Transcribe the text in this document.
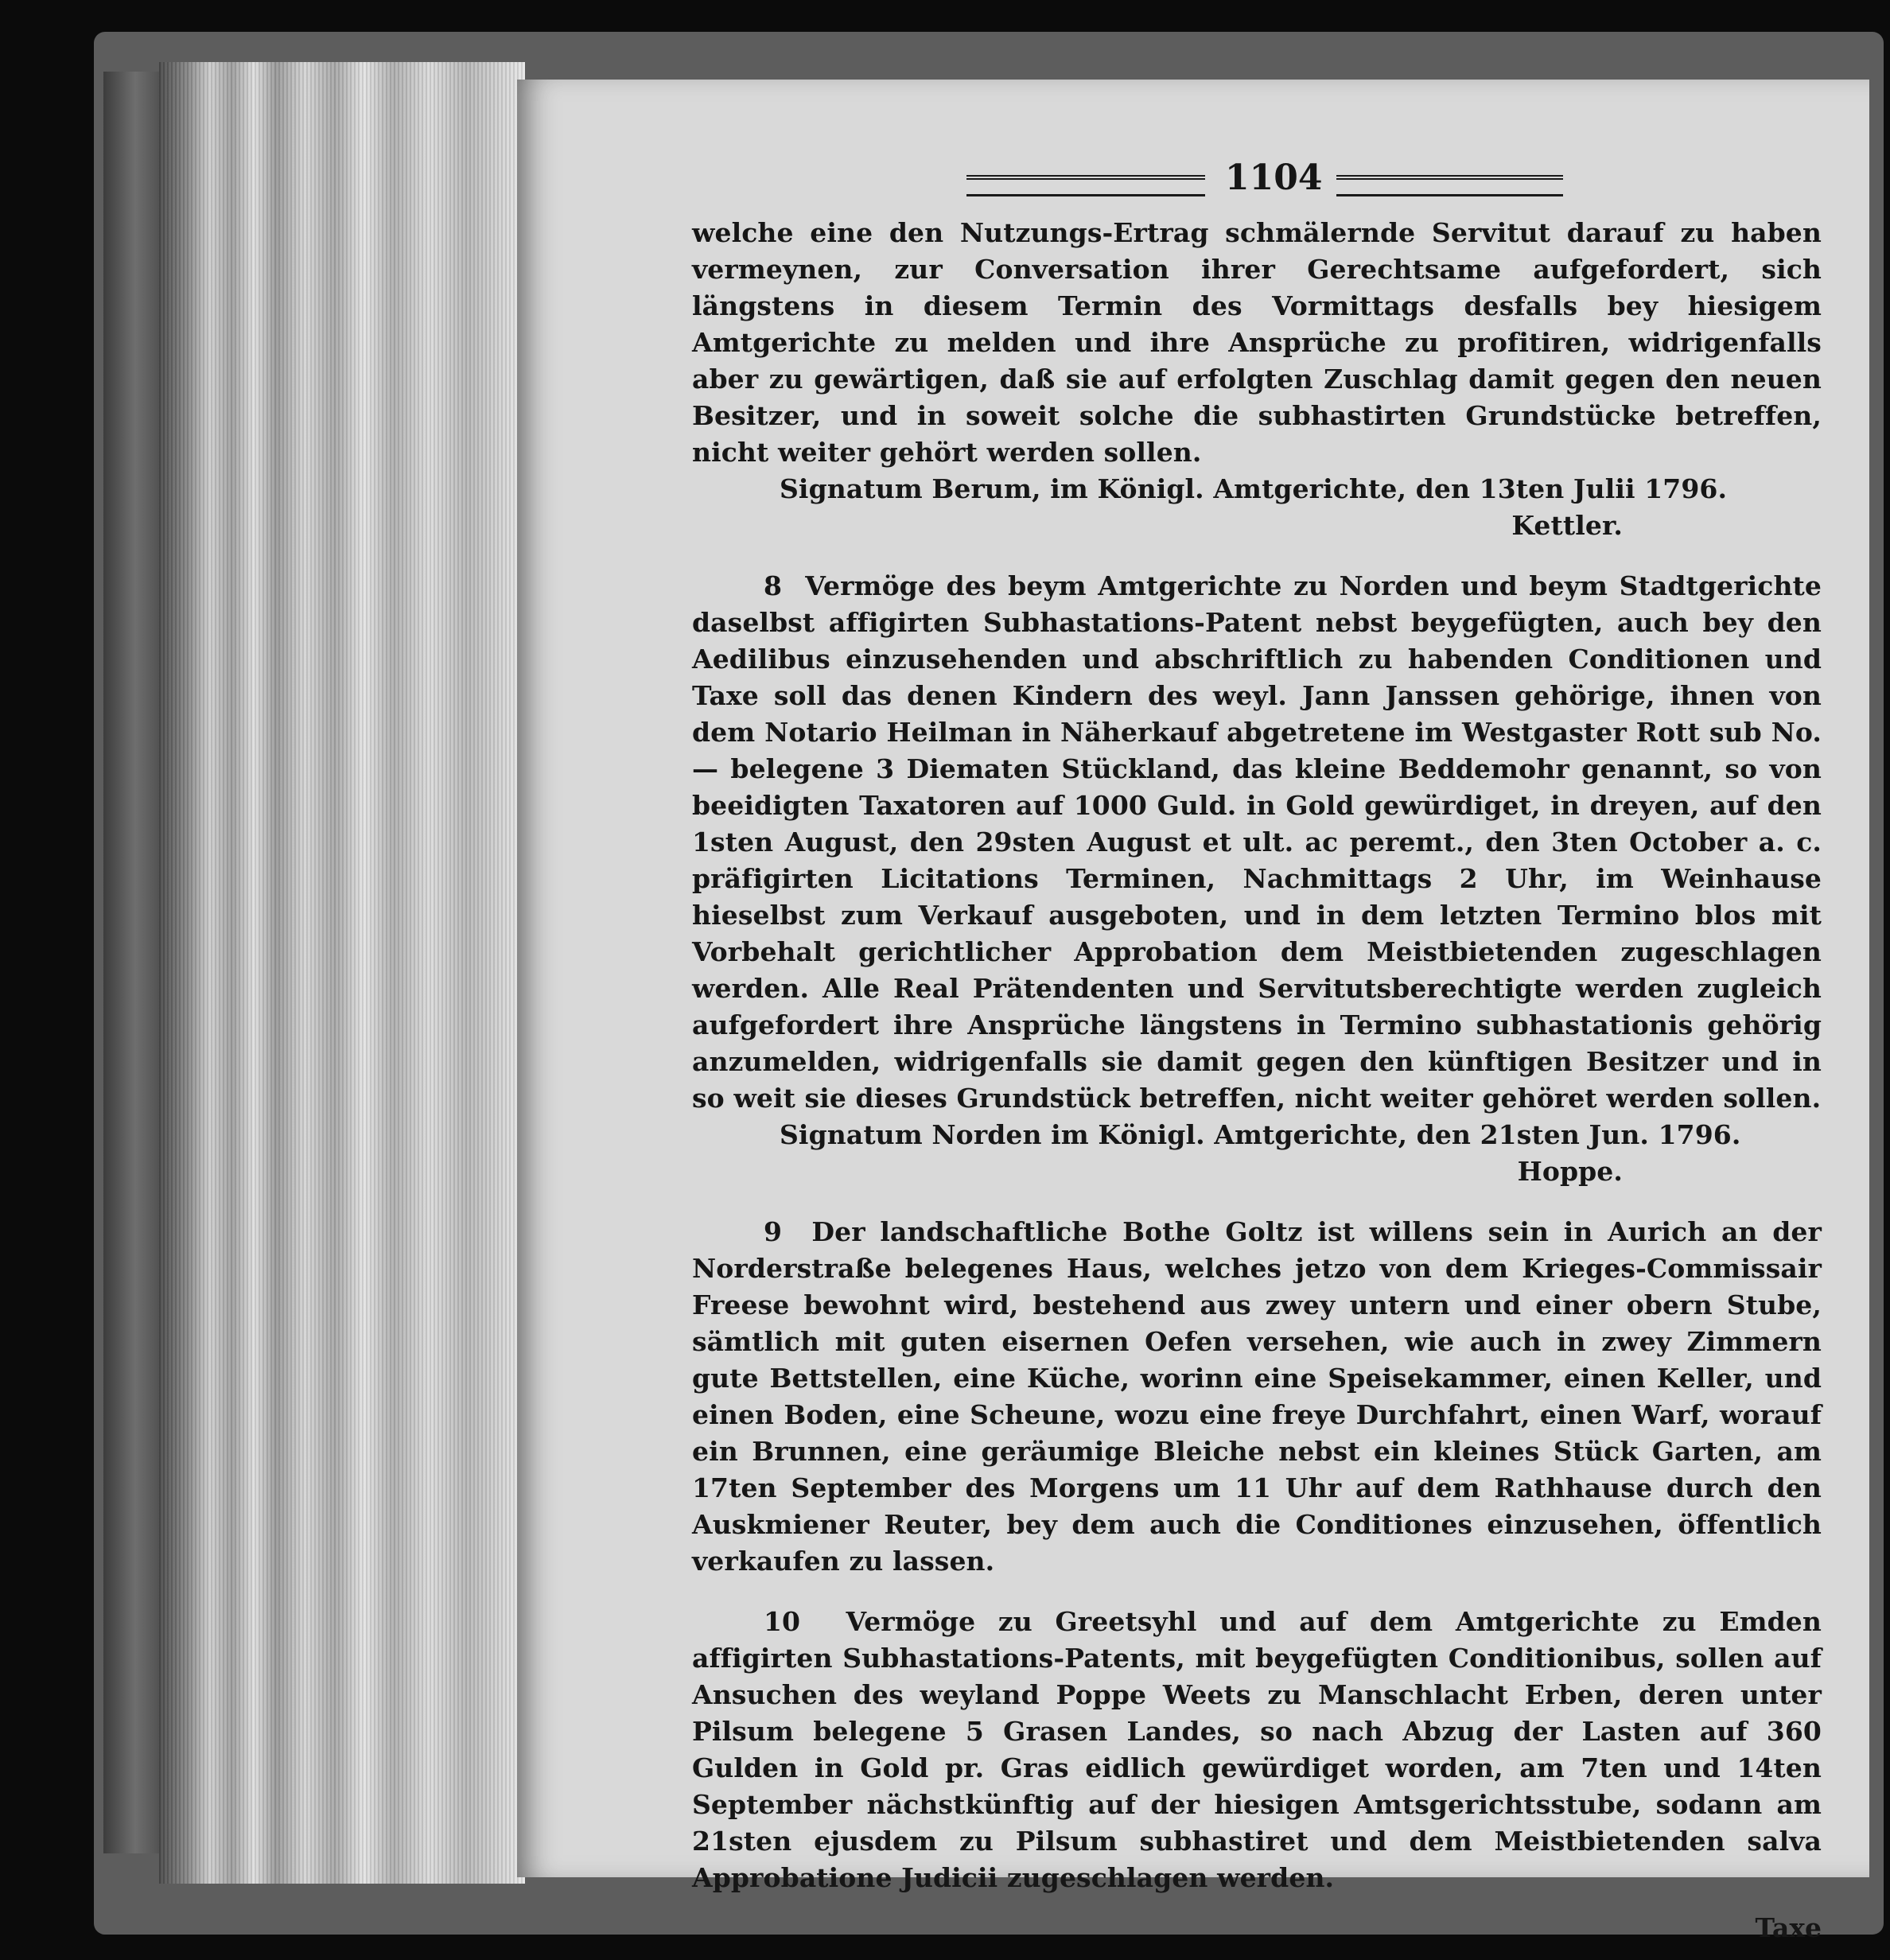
1104

welche eine den Nutzungs-Ertrag schmälernde Servitut darauf zu haben vermeynen, zur Conversation ihrer Gerechtsame aufgefordert, sich längstens in diesem Termin des Vormittags desfalls bey hiesigem Amtgerichte zu melden und ihre Ansprüche zu profitiren, widrigenfalls aber zu gewärtigen, daß sie auf erfolgten Zuschlag damit gegen den neuen Besitzer, und in soweit solche die subhastirten Grundstücke betreffen, nicht weiter gehört werden sollen.

Signatum Berum, im Königl. Amtgerichte, den 13ten Julii 1796.

Kettler.

8 Vermöge des beym Amtgerichte zu Norden und beym Stadtgerichte daselbst affigirten Subhastations-Patent nebst beygefügten, auch bey den Aedilibus einzusehenden und abschriftlich zu habenden Conditionen und Taxe soll das denen Kindern des weyl. Jann Janssen gehörige, ihnen von dem Notario Heilman in Näherkauf abgetretene im Westgaster Rott sub No. — belegene 3 Diematen Stückland, das kleine Beddemohr genannt, so von beeidigten Taxatoren auf 1000 Guld. in Gold gewürdiget, in dreyen, auf den 1sten August, den 29sten August et ult. ac peremt., den 3ten October a. c. präfigirten Licitations Terminen, Nachmittags 2 Uhr, im Weinhause hieselbst zum Verkauf ausgeboten, und in dem letzten Termino blos mit Vorbehalt gerichtlicher Approbation dem Meistbietenden zugeschlagen werden. Alle Real Prätendenten und Servitutsberechtigte werden zugleich aufgefordert ihre Ansprüche längstens in Termino subhastationis gehörig anzumelden, widrigenfalls sie damit gegen den künftigen Besitzer und in so weit sie dieses Grundstück betreffen, nicht weiter gehöret werden sollen.

Signatum Norden im Königl. Amtgerichte, den 21sten Jun. 1796.

Hoppe.

9 Der landschaftliche Bothe Goltz ist willens sein in Aurich an der Norderstraße belegenes Haus, welches jetzo von dem Krieges-Commissair Freese bewohnt wird, bestehend aus zwey untern und einer obern Stube, sämtlich mit guten eisernen Oefen versehen, wie auch in zwey Zimmern gute Bettstellen, eine Küche, worinn eine Speisekammer, einen Keller, und einen Boden, eine Scheune, wozu eine freye Durchfahrt, einen Warf, worauf ein Brunnen, eine geräumige Bleiche nebst ein kleines Stück Garten, am 17ten September des Morgens um 11 Uhr auf dem Rathhause durch den Auskmiener Reuter, bey dem auch die Conditiones einzusehen, öffentlich verkaufen zu lassen.

10 Vermöge zu Greetsyhl und auf dem Amtgerichte zu Emden affigirten Subhastations-Patents, mit beygefügten Conditionibus, sollen auf Ansuchen des weyland Poppe Weets zu Manschlacht Erben, deren unter Pilsum belegene 5 Grasen Landes, so nach Abzug der Lasten auf 360 Gulden in Gold pr. Gras eidlich gewürdiget worden, am 7ten und 14ten September nächstkünftig auf der hiesigen Amtsgerichtsstube, sodann am 21sten ejusdem zu Pilsum subhastiret und dem Meistbietenden salva Approbatione Judicii zugeschlagen werden.

Taxe
